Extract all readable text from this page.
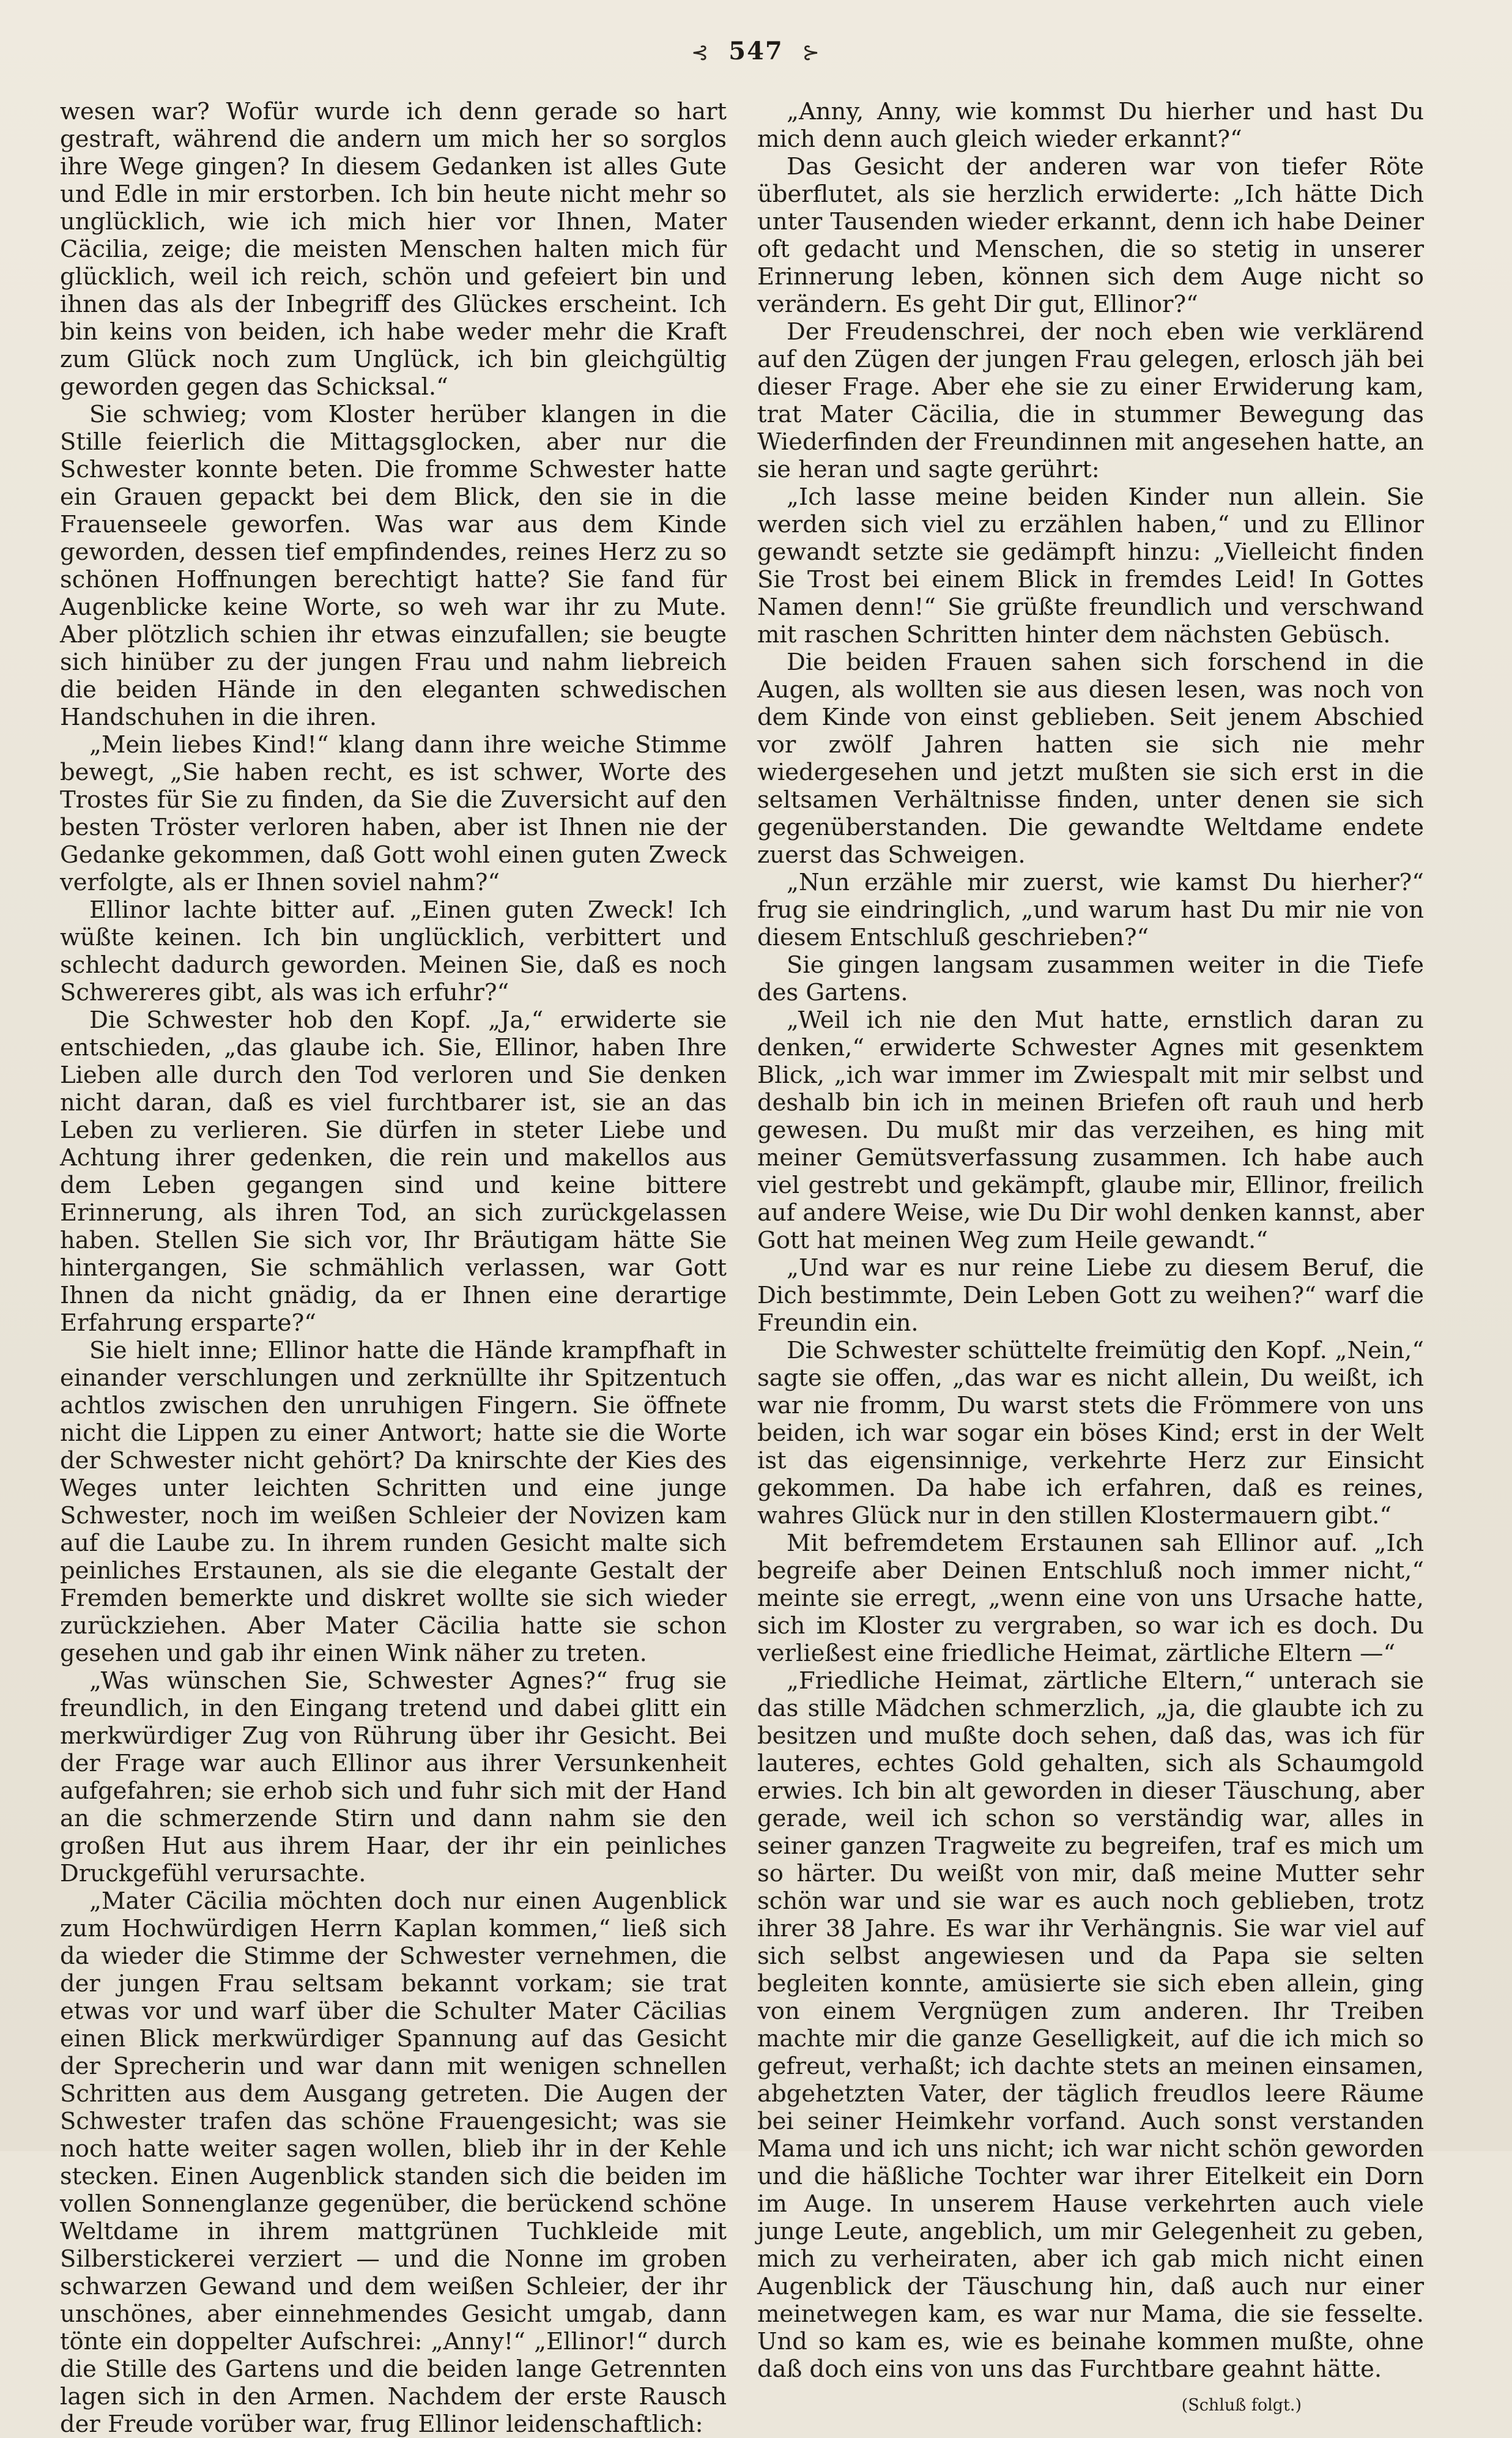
⊰ 547 ⊱

wesen war? Wofür wurde ich denn gerade so hart gestraft, während die andern um mich her so sorglos ihre Wege gingen? In diesem Gedanken ist alles Gute und Edle in mir erstorben. Ich bin heute nicht mehr so unglücklich, wie ich mich hier vor Ihnen, Mater Cäcilia, zeige; die meisten Menschen halten mich für glücklich, weil ich reich, schön und gefeiert bin und ihnen das als der Inbegriff des Glückes erscheint. Ich bin keins von beiden, ich habe weder mehr die Kraft zum Glück noch zum Unglück, ich bin gleichgültig geworden gegen das Schicksal.“

Sie schwieg; vom Kloster herüber klangen in die Stille feierlich die Mittagsglocken, aber nur die Schwester konnte beten. Die fromme Schwester hatte ein Grauen gepackt bei dem Blick, den sie in die Frauenseele geworfen. Was war aus dem Kinde geworden, dessen tief empfindendes, reines Herz zu so schönen Hoffnungen berechtigt hatte? Sie fand für Augenblicke keine Worte, so weh war ihr zu Mute. Aber plötzlich schien ihr etwas einzufallen; sie beugte sich hinüber zu der jungen Frau und nahm liebreich die beiden Hände in den eleganten schwedischen Handschuhen in die ihren.

„Mein liebes Kind!“ klang dann ihre weiche Stimme bewegt, „Sie haben recht, es ist schwer, Worte des Trostes für Sie zu finden, da Sie die Zuversicht auf den besten Tröster verloren haben, aber ist Ihnen nie der Gedanke gekommen, daß Gott wohl einen guten Zweck verfolgte, als er Ihnen soviel nahm?“

Ellinor lachte bitter auf. „Einen guten Zweck! Ich wüßte keinen. Ich bin unglücklich, verbittert und schlecht dadurch geworden. Meinen Sie, daß es noch Schwereres gibt, als was ich erfuhr?“

Die Schwester hob den Kopf. „Ja,“ erwiderte sie entschieden, „das glaube ich. Sie, Ellinor, haben Ihre Lieben alle durch den Tod verloren und Sie denken nicht daran, daß es viel furchtbarer ist, sie an das Leben zu verlieren. Sie dürfen in steter Liebe und Achtung ihrer gedenken, die rein und makellos aus dem Leben gegangen sind und keine bittere Erinnerung, als ihren Tod, an sich zurückgelassen haben. Stellen Sie sich vor, Ihr Bräutigam hätte Sie hintergangen, Sie schmählich verlassen, war Gott Ihnen da nicht gnädig, da er Ihnen eine derartige Erfahrung ersparte?“

Sie hielt inne; Ellinor hatte die Hände krampfhaft in einander verschlungen und zerknüllte ihr Spitzentuch achtlos zwischen den unruhigen Fingern. Sie öffnete nicht die Lippen zu einer Antwort; hatte sie die Worte der Schwester nicht gehört? Da knirschte der Kies des Weges unter leichten Schritten und eine junge Schwester, noch im weißen Schleier der Novizen kam auf die Laube zu. In ihrem runden Gesicht malte sich peinliches Erstaunen, als sie die elegante Gestalt der Fremden bemerkte und diskret wollte sie sich wieder zurückziehen. Aber Mater Cäcilia hatte sie schon gesehen und gab ihr einen Wink näher zu treten.

„Was wünschen Sie, Schwester Agnes?“ frug sie freundlich, in den Eingang tretend und dabei glitt ein merkwürdiger Zug von Rührung über ihr Gesicht. Bei der Frage war auch Ellinor aus ihrer Versunkenheit aufgefahren; sie erhob sich und fuhr sich mit der Hand an die schmerzende Stirn und dann nahm sie den großen Hut aus ihrem Haar, der ihr ein peinliches Druckgefühl verursachte.

„Mater Cäcilia möchten doch nur einen Augenblick zum Hochwürdigen Herrn Kaplan kommen,“ ließ sich da wieder die Stimme der Schwester vernehmen, die der jungen Frau seltsam bekannt vorkam; sie trat etwas vor und warf über die Schulter Mater Cäcilias einen Blick merkwürdiger Spannung auf das Gesicht der Sprecherin und war dann mit wenigen schnellen Schritten aus dem Ausgang getreten. Die Augen der Schwester trafen das schöne Frauengesicht; was sie noch hatte weiter sagen wollen, blieb ihr in der Kehle stecken. Einen Augenblick standen sich die beiden im vollen Sonnenglanze gegenüber, die berückend schöne Weltdame in ihrem mattgrünen Tuchkleide mit Silberstickerei verziert — und die Nonne im groben schwarzen Gewand und dem weißen Schleier, der ihr unschönes, aber einnehmendes Gesicht umgab, dann tönte ein doppelter Aufschrei: „Anny!“ „Ellinor!“ durch die Stille des Gartens und die beiden lange Getrennten lagen sich in den Armen. Nachdem der erste Rausch der Freude vorüber war, frug Ellinor leidenschaftlich:

„Anny, Anny, wie kommst Du hierher und hast Du mich denn auch gleich wieder erkannt?“

Das Gesicht der anderen war von tiefer Röte überflutet, als sie herzlich erwiderte: „Ich hätte Dich unter Tausenden wieder erkannt, denn ich habe Deiner oft gedacht und Menschen, die so stetig in unserer Erinnerung leben, können sich dem Auge nicht so verändern. Es geht Dir gut, Ellinor?“

Der Freudenschrei, der noch eben wie verklärend auf den Zügen der jungen Frau gelegen, erlosch jäh bei dieser Frage. Aber ehe sie zu einer Erwiderung kam, trat Mater Cäcilia, die in stummer Bewegung das Wiederfinden der Freundinnen mit angesehen hatte, an sie heran und sagte gerührt:

„Ich lasse meine beiden Kinder nun allein. Sie werden sich viel zu erzählen haben,“ und zu Ellinor gewandt setzte sie gedämpft hinzu: „Vielleicht finden Sie Trost bei einem Blick in fremdes Leid! In Gottes Namen denn!“ Sie grüßte freundlich und verschwand mit raschen Schritten hinter dem nächsten Gebüsch.

Die beiden Frauen sahen sich forschend in die Augen, als wollten sie aus diesen lesen, was noch von dem Kinde von einst geblieben. Seit jenem Abschied vor zwölf Jahren hatten sie sich nie mehr wiedergesehen und jetzt mußten sie sich erst in die seltsamen Verhältnisse finden, unter denen sie sich gegenüberstanden. Die gewandte Weltdame endete zuerst das Schweigen.

„Nun erzähle mir zuerst, wie kamst Du hierher?“ frug sie eindringlich, „und warum hast Du mir nie von diesem Entschluß geschrieben?“

Sie gingen langsam zusammen weiter in die Tiefe des Gartens.

„Weil ich nie den Mut hatte, ernstlich daran zu denken,“ erwiderte Schwester Agnes mit gesenktem Blick, „ich war immer im Zwiespalt mit mir selbst und deshalb bin ich in meinen Briefen oft rauh und herb gewesen. Du mußt mir das verzeihen, es hing mit meiner Gemütsverfassung zusammen. Ich habe auch viel gestrebt und gekämpft, glaube mir, Ellinor, freilich auf andere Weise, wie Du Dir wohl denken kannst, aber Gott hat meinen Weg zum Heile gewandt.“

„Und war es nur reine Liebe zu diesem Beruf, die Dich bestimmte, Dein Leben Gott zu weihen?“ warf die Freundin ein.

Die Schwester schüttelte freimütig den Kopf. „Nein,“ sagte sie offen, „das war es nicht allein, Du weißt, ich war nie fromm, Du warst stets die Frömmere von uns beiden, ich war sogar ein böses Kind; erst in der Welt ist das eigensinnige, verkehrte Herz zur Einsicht gekommen. Da habe ich erfahren, daß es reines, wahres Glück nur in den stillen Klostermauern gibt.“

Mit befremdetem Erstaunen sah Ellinor auf. „Ich begreife aber Deinen Entschluß noch immer nicht,“ meinte sie erregt, „wenn eine von uns Ursache hatte, sich im Kloster zu vergraben, so war ich es doch. Du verließest eine friedliche Heimat, zärtliche Eltern —“

„Friedliche Heimat, zärtliche Eltern,“ unterach sie das stille Mädchen schmerzlich, „ja, die glaubte ich zu besitzen und mußte doch sehen, daß das, was ich für lauteres, echtes Gold gehalten, sich als Schaumgold erwies. Ich bin alt geworden in dieser Täuschung, aber gerade, weil ich schon so verständig war, alles in seiner ganzen Tragweite zu begreifen, traf es mich um so härter. Du weißt von mir, daß meine Mutter sehr schön war und sie war es auch noch geblieben, trotz ihrer 38 Jahre. Es war ihr Verhängnis. Sie war viel auf sich selbst angewiesen und da Papa sie selten begleiten konnte, amüsierte sie sich eben allein, ging von einem Vergnügen zum anderen. Ihr Treiben machte mir die ganze Geselligkeit, auf die ich mich so gefreut, verhaßt; ich dachte stets an meinen einsamen, abgehetzten Vater, der täglich freudlos leere Räume bei seiner Heimkehr vorfand. Auch sonst verstanden Mama und ich uns nicht; ich war nicht schön geworden und die häßliche Tochter war ihrer Eitelkeit ein Dorn im Auge. In unserem Hause verkehrten auch viele junge Leute, angeblich, um mir Gelegenheit zu geben, mich zu verheiraten, aber ich gab mich nicht einen Augenblick der Täuschung hin, daß auch nur einer meinetwegen kam, es war nur Mama, die sie fesselte. Und so kam es, wie es beinahe kommen mußte, ohne daß doch eins von uns das Furchtbare geahnt hätte.

(Schluß folgt.)
